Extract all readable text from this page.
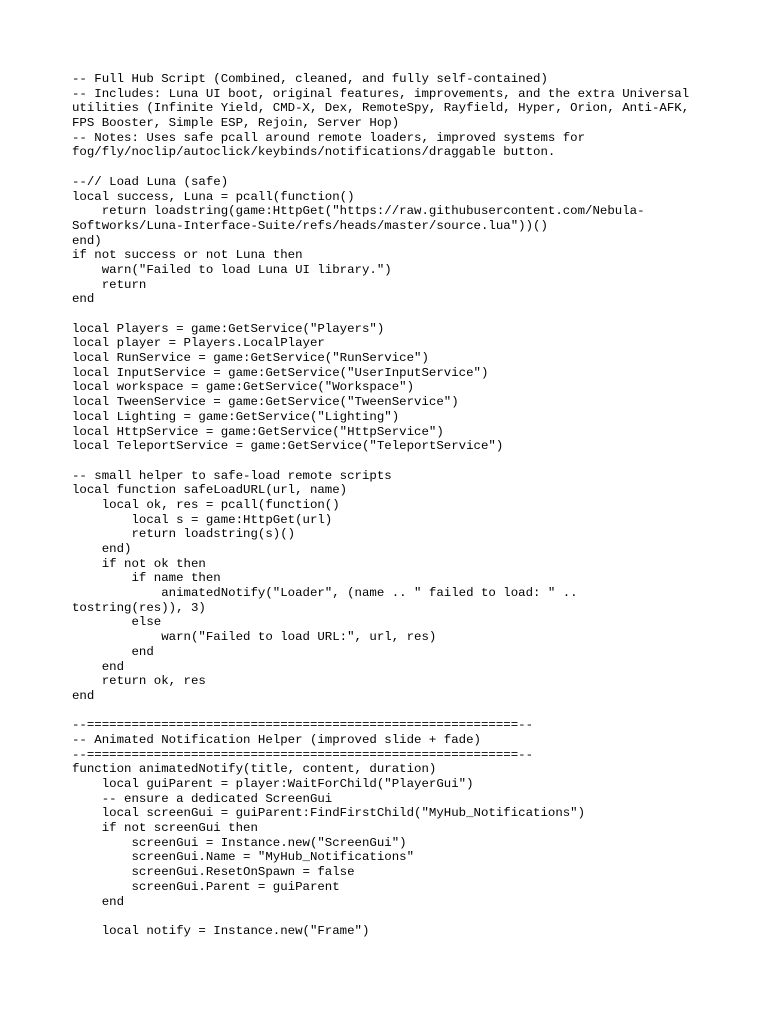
-- Full Hub Script (Combined, cleaned, and fully self-contained)
-- Includes: Luna UI boot, original features, improvements, and the extra Universal
utilities (Infinite Yield, CMD-X, Dex, RemoteSpy, Rayfield, Hyper, Orion, Anti-AFK,
FPS Booster, Simple ESP, Rejoin, Server Hop)
-- Notes: Uses safe pcall around remote loaders, improved systems for
fog/fly/noclip/autoclick/keybinds/notifications/draggable button.
--// Load Luna (safe)
local success, Luna = pcall(function()
return loadstring(game:HttpGet("https://raw.githubusercontent.com/Nebula-
Softworks/Luna-Interface-Suite/refs/heads/master/source.lua"))()
end)
if not success or not Luna then
warn("Failed to load Luna UI library.")
return
end
local Players = game:GetService("Players")
local player = Players.LocalPlayer
local RunService = game:GetService("RunService")
local InputService = game:GetService("UserInputService")
local workspace = game:GetService("Workspace")
local TweenService = game:GetService("TweenService")
local Lighting = game:GetService("Lighting")
local HttpService = game:GetService("HttpService")
local TeleportService = game:GetService("TeleportService")
-- small helper to safe-load remote scripts
local function safeLoadURL(url, name)
local ok, res = pcall(function()
local s = game:HttpGet(url)
return loadstring(s)()
end)
if not ok then
if name then
animatedNotify("Loader", (name .. " failed to load: " ..
tostring(res)), 3)
else
warn("Failed to load URL:", url, res)
end
end
return ok, res
end
--==========================================================--
-- Animated Notification Helper (improved slide + fade)
--==========================================================--
function animatedNotify(title, content, duration)
local guiParent = player:WaitForChild("PlayerGui")
-- ensure a dedicated ScreenGui
local screenGui = guiParent:FindFirstChild("MyHub_Notifications")
if not screenGui then
screenGui = Instance.new("ScreenGui")
screenGui.Name = "MyHub_Notifications"
screenGui.ResetOnSpawn = false
screenGui.Parent = guiParent
end
local notify = Instance.new("Frame")
